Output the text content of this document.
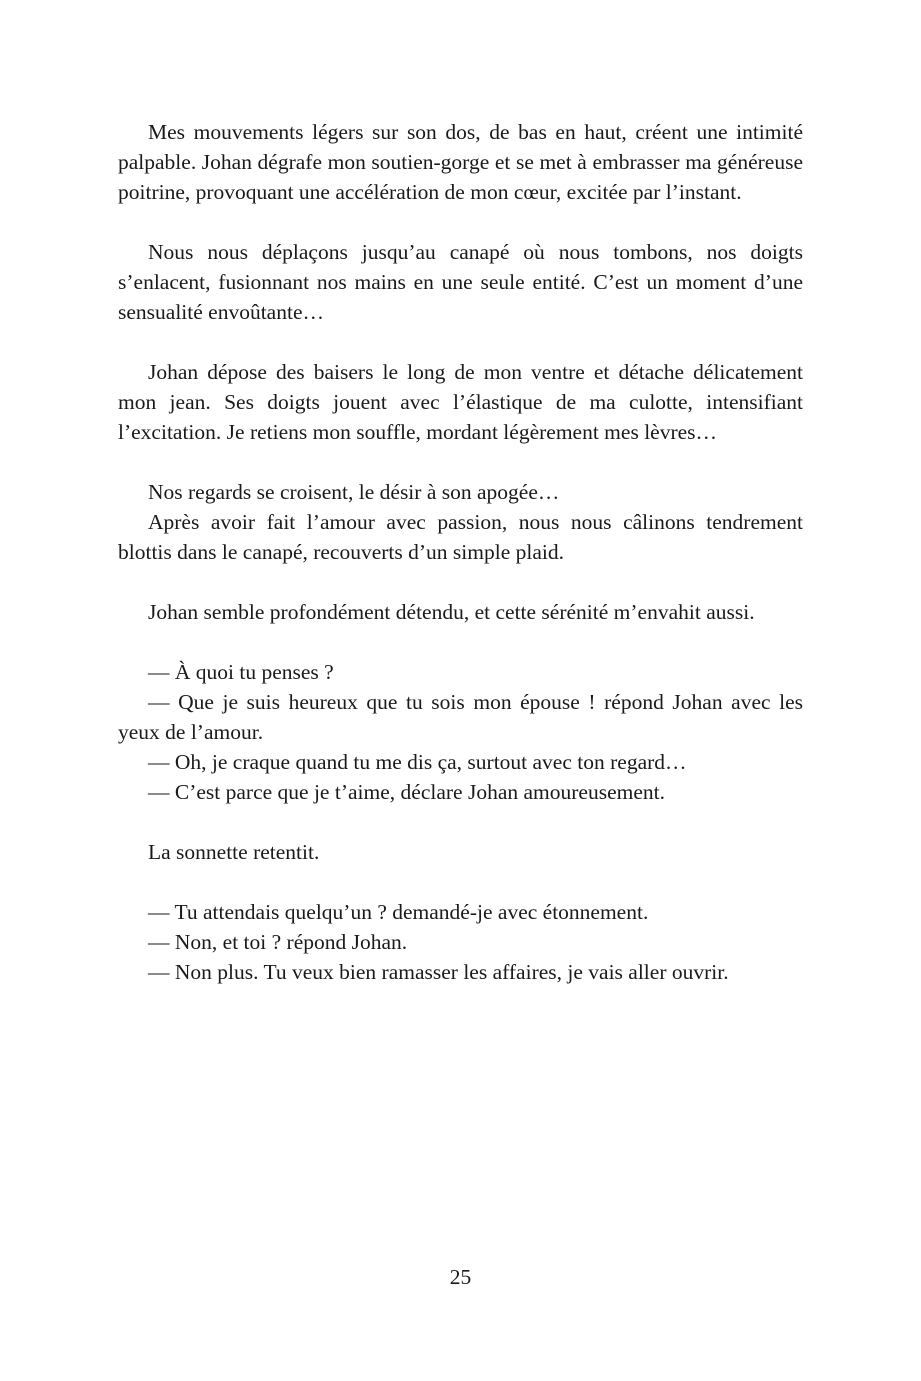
Mes mouvements légers sur son dos, de bas en haut, créent une intimité palpable. Johan dégrafe mon soutien-gorge et se met à embrasser ma généreuse poitrine, provoquant une accélération de mon cœur, excitée par l’instant.

Nous nous déplaçons jusqu’au canapé où nous tombons, nos doigts s’enlacent, fusionnant nos mains en une seule entité. C’est un moment d’une sensualité envoûtante…

Johan dépose des baisers le long de mon ventre et détache délicatement mon jean. Ses doigts jouent avec l’élastique de ma culotte, intensifiant l’excitation. Je retiens mon souffle, mordant légèrement mes lèvres…

Nos regards se croisent, le désir à son apogée…

Après avoir fait l’amour avec passion, nous nous câlinons tendrement blottis dans le canapé, recouverts d’un simple plaid.

Johan semble profondément détendu, et cette sérénité m’envahit aussi.

— À quoi tu penses ?

— Que je suis heureux que tu sois mon épouse ! répond Johan avec les yeux de l’amour.

— Oh, je craque quand tu me dis ça, surtout avec ton regard…

— C’est parce que je t’aime, déclare Johan amoureusement.

La sonnette retentit.

— Tu attendais quelqu’un ? demandé-je avec étonnement.

— Non, et toi ? répond Johan.

— Non plus. Tu veux bien ramasser les affaires, je vais aller ouvrir.

25
